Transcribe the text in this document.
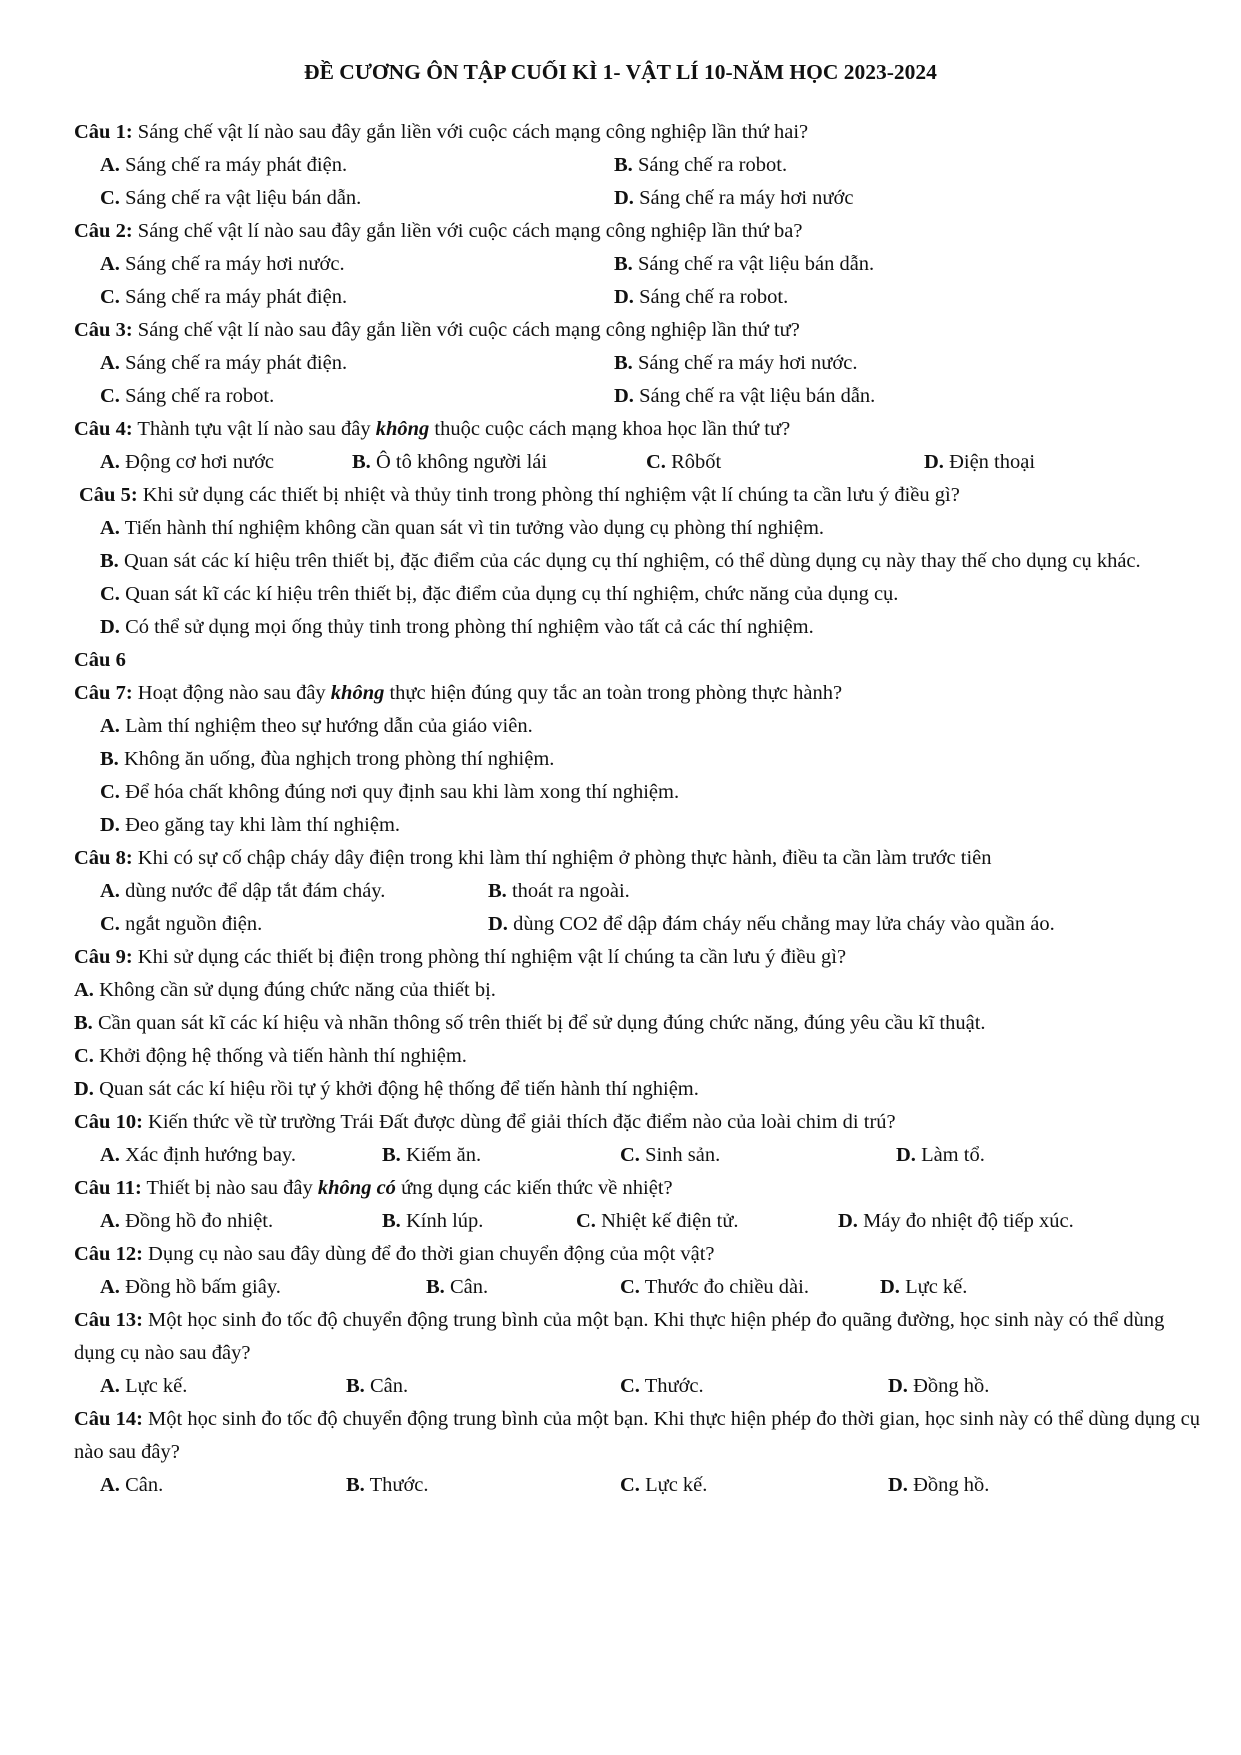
ĐỀ CƯƠNG ÔN TẬP CUỐI KÌ 1- VẬT LÍ 10-NĂM HỌC 2023-2024

Câu 1: Sáng chế vật lí nào sau đây gắn liền với cuộc cách mạng công nghiệp lần thứ hai?

A. Sáng chế ra máy phát điện.	B. Sáng chế ra robot.
C. Sáng chế ra vật liệu bán dẫn.	D. Sáng chế ra máy hơi nước

Câu 2: Sáng chế vật lí nào sau đây gắn liền với cuộc cách mạng công nghiệp lần thứ ba?

A. Sáng chế ra máy hơi nước.	B. Sáng chế ra vật liệu bán dẫn.
C. Sáng chế ra máy phát điện.	D. Sáng chế ra robot.

Câu 3: Sáng chế vật lí nào sau đây gắn liền với cuộc cách mạng công nghiệp lần thứ tư?

A. Sáng chế ra máy phát điện.	B. Sáng chế ra máy hơi nước.
C. Sáng chế ra robot.	D. Sáng chế ra vật liệu bán dẫn.

Câu 4: Thành tựu vật lí nào sau đây không thuộc cuộc cách mạng khoa học lần thứ tư?

A. Động cơ hơi nước	B. Ô tô không người lái	C. Rôbốt	D. Điện thoại

Câu 5: Khi sử dụng các thiết bị nhiệt và thủy tinh trong phòng thí nghiệm vật lí chúng ta cần lưu ý điều gì?

A. Tiến hành thí nghiệm không cần quan sát vì tin tưởng vào dụng cụ phòng thí nghiệm.

B. Quan sát các kí hiệu trên thiết bị, đặc điểm của các dụng cụ thí nghiệm, có thể dùng dụng cụ này thay thế cho dụng cụ khác.

C. Quan sát kĩ các kí hiệu trên thiết bị, đặc điểm của dụng cụ thí nghiệm, chức năng của dụng cụ.

D. Có thể sử dụng mọi ống thủy tinh trong phòng thí nghiệm vào tất cả các thí nghiệm.

Câu 6

Câu 7: Hoạt động nào sau đây không thực hiện đúng quy tắc an toàn trong phòng thực hành?

A. Làm thí nghiệm theo sự hướng dẫn của giáo viên.

B. Không ăn uống, đùa nghịch trong phòng thí nghiệm.

C. Để hóa chất không đúng nơi quy định sau khi làm xong thí nghiệm.

D. Đeo găng tay khi làm thí nghiệm.

Câu 8: Khi có sự cố chập cháy dây điện trong khi làm thí nghiệm ở phòng thực hành, điều ta cần làm trước tiên

A. dùng nước để dập tắt đám cháy.	B. thoát ra ngoài.
C. ngắt nguồn điện.	D. dùng CO2 để dập đám cháy nếu chẳng may lửa cháy vào quần áo.

Câu 9: Khi sử dụng các thiết bị điện trong phòng thí nghiệm vật lí chúng ta cần lưu ý điều gì?

A. Không cần sử dụng đúng chức năng của thiết bị.

B. Cần quan sát kĩ các kí hiệu và nhãn thông số trên thiết bị để sử dụng đúng chức năng, đúng yêu cầu kĩ thuật.

C. Khởi động hệ thống và tiến hành thí nghiệm.

D. Quan sát các kí hiệu rồi tự ý khởi động hệ thống để tiến hành thí nghiệm.

Câu 10: Kiến thức về từ trường Trái Đất được dùng để giải thích đặc điểm nào của loài chim di trú?

A. Xác định hướng bay.	B. Kiếm ăn.	C. Sinh sản.	D. Làm tổ.

Câu 11: Thiết bị nào sau đây không có ứng dụng các kiến thức về nhiệt?

A. Đồng hồ đo nhiệt.	B. Kính lúp.	C. Nhiệt kế điện tử.	D. Máy đo nhiệt độ tiếp xúc.

Câu 12: Dụng cụ nào sau đây dùng để đo thời gian chuyển động của một vật?

A. Đồng hồ bấm giây.	B. Cân.	C. Thước đo chiều dài.	D. Lực kế.

Câu 13: Một học sinh đo tốc độ chuyển động trung bình của một bạn. Khi thực hiện phép đo quãng đường, học sinh này có thể dùng dụng cụ nào sau đây?

A. Lực kế.	B. Cân.	C. Thước.	D. Đồng hồ.

Câu 14: Một học sinh đo tốc độ chuyển động trung bình của một bạn. Khi thực hiện phép đo thời gian, học sinh này có thể dùng dụng cụ nào sau đây?

A. Cân.	B. Thước.	C. Lực kế.	D. Đồng hồ.
